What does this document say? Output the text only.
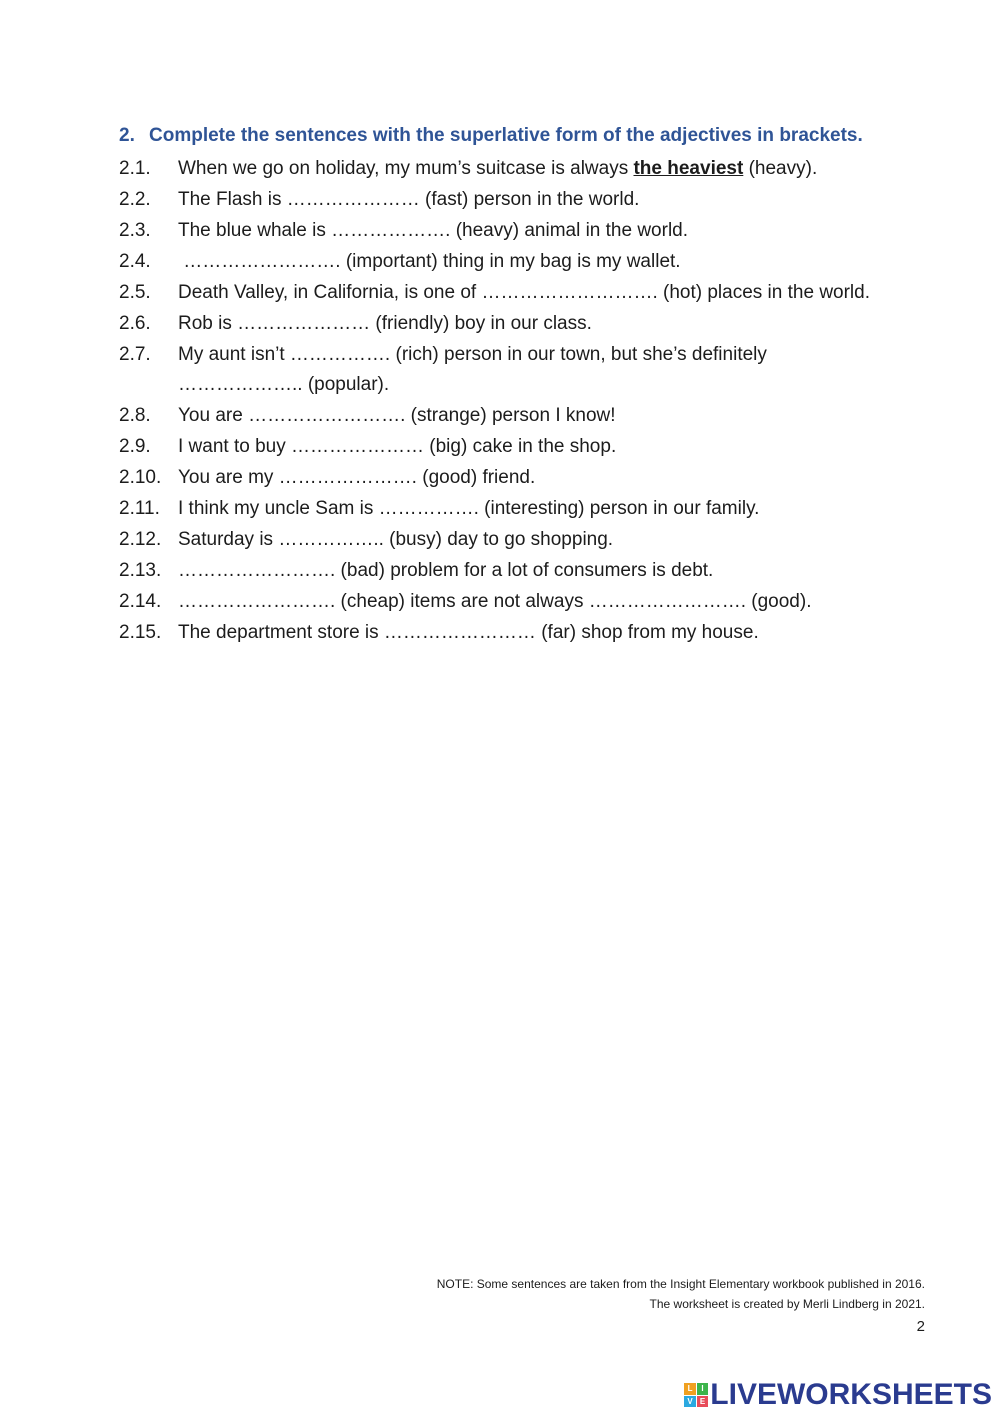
2. Complete the sentences with the superlative form of the adjectives in brackets.
2.1. When we go on holiday, my mum’s suitcase is always the heaviest (heavy).
2.2. The Flash is ………………… (fast) person in the world.
2.3. The blue whale is ………………. (heavy) animal in the world.
2.4. ……………………. (important) thing in my bag is my wallet.
2.5. Death Valley, in California, is one of ………………………. (hot) places in the world.
2.6. Rob is ………………… (friendly) boy in our class.
2.7. My aunt isn’t ……………. (rich) person in our town, but she’s definitely
……………….. (popular).
2.8. You are ……………………. (strange) person I know!
2.9. I want to buy ………………… (big) cake in the shop.
2.10. You are my …………………. (good) friend.
2.11. I think my uncle Sam is ……………. (interesting) person in our family.
2.12. Saturday is …………….. (busy) day to go shopping.
2.13. ……………………. (bad) problem for a lot of consumers is debt.
2.14. ……………………. (cheap) items are not always ……………………. (good).
2.15. The department store is …………………… (far) shop from my house.
NOTE: Some sentences are taken from the Insight Elementary workbook published in 2016.
The worksheet is created by Merli Lindberg in 2021.
2
L	I
V E LIVEWORKSHEETS
